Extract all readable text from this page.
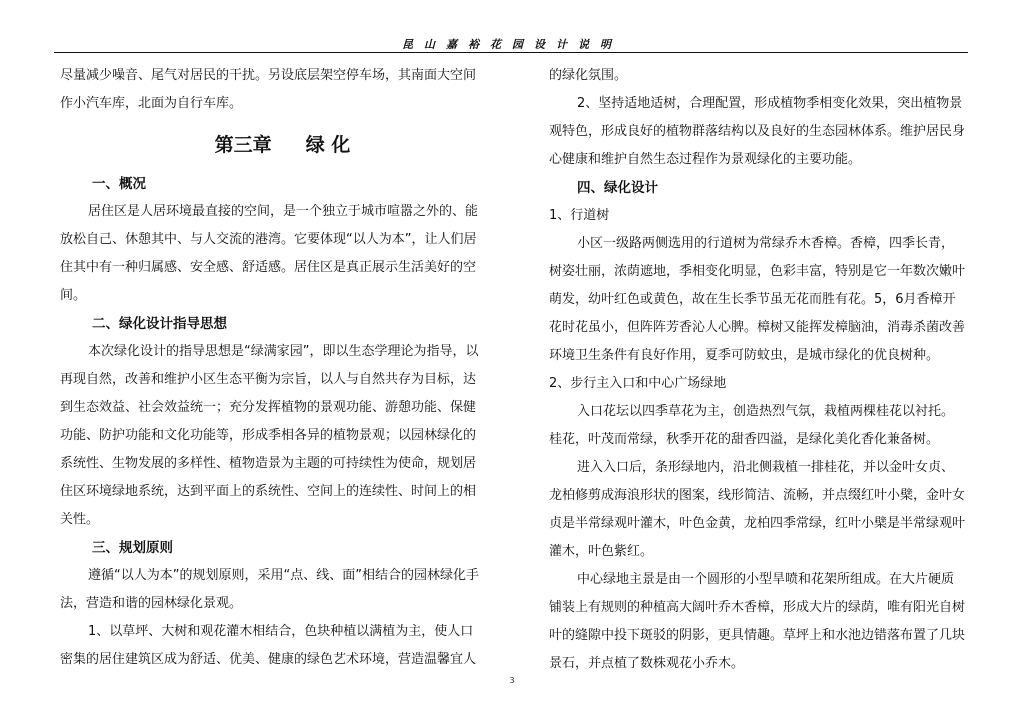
昆山嘉裕花园设计说明

尽量减少噪音、尾气对居民的干扰。另设底层架空停车场，其南面大空间作小汽车库，北面为自行车库。

第三章 绿 化

一、概况

居住区是人居环境最直接的空间，是一个独立于城市喧嚣之外的、能放松自己、休憩其中、与人交流的港湾。它要体现“以人为本”，让人们居住其中有一种归属感、安全感、舒适感。居住区是真正展示生活美好的空间。

二、绿化设计指导思想

本次绿化设计的指导思想是“绿满家园”，即以生态学理论为指导，以再现自然，改善和维护小区生态平衡为宗旨，以人与自然共存为目标，达到生态效益、社会效益统一；充分发挥植物的景观功能、游憩功能、保健功能、防护功能和文化功能等，形成季相各异的植物景观；以园林绿化的系统性、生物发展的多样性、植物造景为主题的可持续性为使命，规划居住区环境绿地系统，达到平面上的系统性、空间上的连续性、时间上的相关性。

三、规划原则

遵循“以人为本”的规划原则，采用“点、线、面”相结合的园林绿化手法，营造和谐的园林绿化景观。

1、以草坪、大树和观花灌木相结合，色块种植以满植为主，使人口密集的居住建筑区成为舒适、优美、健康的绿色艺术环境，营造温馨宜人

的绿化氛围。

2、坚持适地适树，合理配置，形成植物季相变化效果，突出植物景观特色，形成良好的植物群落结构以及良好的生态园林体系。维护居民身心健康和维护自然生态过程作为景观绿化的主要功能。

四、绿化设计

1、行道树

小区一级路两侧选用的行道树为常绿乔木香樟。香樟，四季长青，树姿壮丽，浓荫遮地，季相变化明显，色彩丰富，特别是它一年数次嫩叶萌发，幼叶红色或黄色，故在生长季节虽无花而胜有花。5，6月香樟开花时花虽小，但阵阵芳香沁人心脾。樟树又能挥发樟脑油，消毒杀菌改善环境卫生条件有良好作用，夏季可防蚊虫，是城市绿化的优良树种。

2、步行主入口和中心广场绿地

入口花坛以四季草花为主，创造热烈气氛，栽植两棵桂花以衬托。桂花，叶茂而常绿，秋季开花的甜香四溢，是绿化美化香化兼备树。

进入入口后，条形绿地内，沿北侧栽植一排桂花，并以金叶女贞、龙柏修剪成海浪形状的图案，线形简洁、流畅，并点缀红叶小檗，金叶女贞是半常绿观叶灌木，叶色金黄，龙柏四季常绿，红叶小檗是半常绿观叶灌木，叶色紫红。

中心绿地主景是由一个圆形的小型旱喷和花架所组成。在大片硬质铺装上有规则的种植高大阔叶乔木香樟，形成大片的绿荫，唯有阳光自树叶的缝隙中投下斑驳的阴影，更具情趣。草坪上和水池边错落布置了几块景石，并点植了数株观花小乔木。

3
